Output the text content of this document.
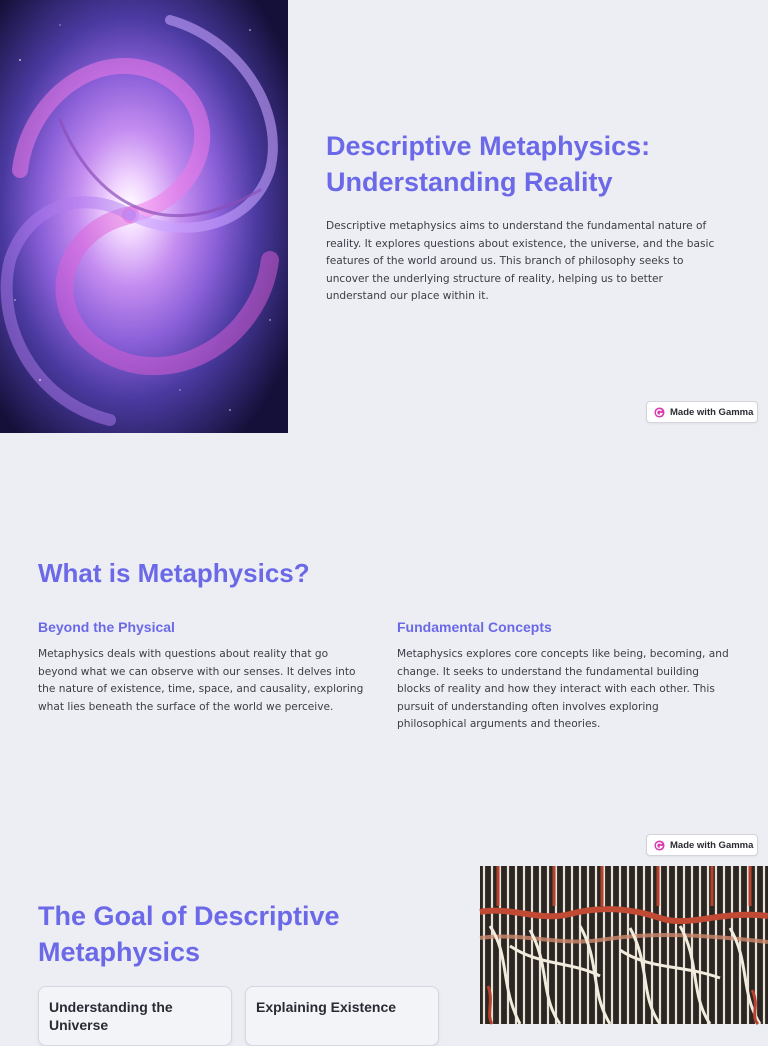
Descriptive Metaphysics: Understanding Reality

Descriptive metaphysics aims to understand the fundamental nature of reality. It explores questions about existence, the universe, and the basic features of the world around us. This branch of philosophy seeks to uncover the underlying structure of reality, helping us to better understand our place within it.

Made with Gamma
What is Metaphysics?
Beyond the Physical

Metaphysics deals with questions about reality that go beyond what we can observe with our senses. It delves into the nature of existence, time, space, and causality, exploring what lies beneath the surface of the world we perceive.

Fundamental Concepts

Metaphysics explores core concepts like being, becoming, and change. It seeks to understand the fundamental building blocks of reality and how they interact with each other. This pursuit of understanding often involves exploring philosophical arguments and theories.

Made with Gamma
The Goal of Descriptive Metaphysics
Understanding the Universe
Explaining Existence
